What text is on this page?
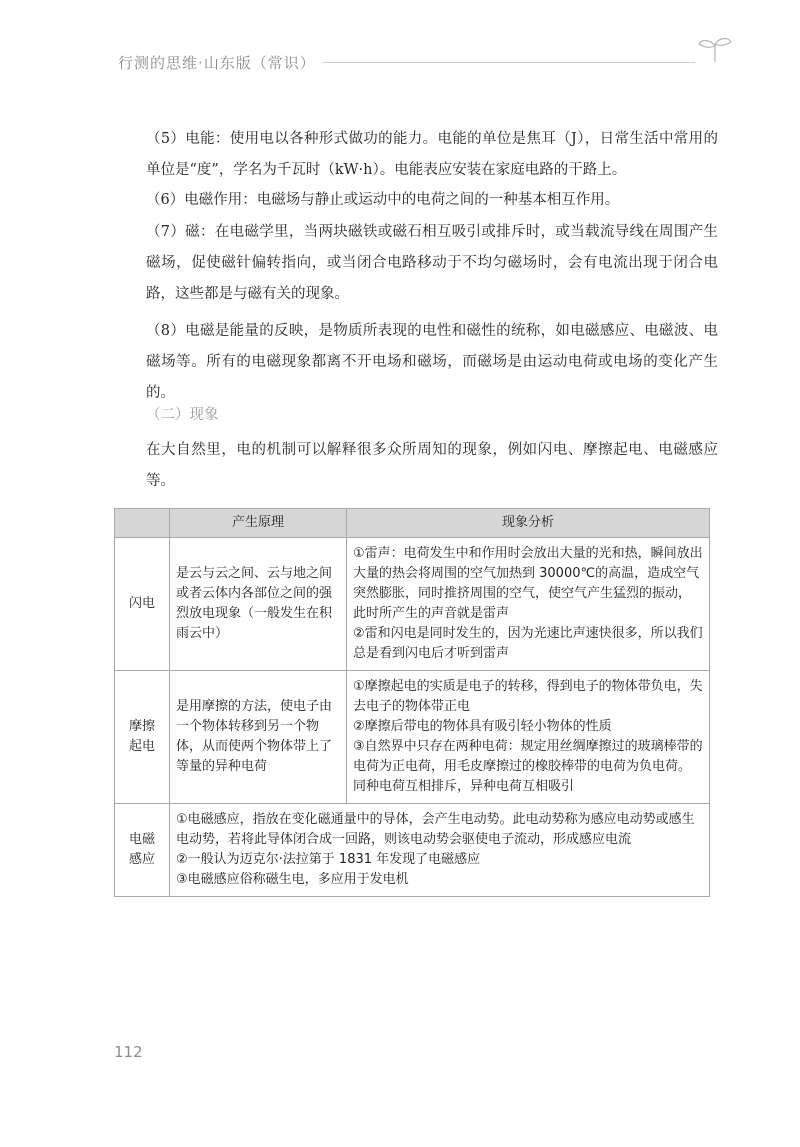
行测的思维·山东版（常识）

（5）电能：使用电以各种形式做功的能力。电能的单位是焦耳（J），日常生活中常用的单位是“度”，学名为千瓦时（kW·h）。电能表应安装在家庭电路的干路上。

（6）电磁作用：电磁场与静止或运动中的电荷之间的一种基本相互作用。

（7）磁：在电磁学里，当两块磁铁或磁石相互吸引或排斥时，或当载流导线在周围产生磁场，促使磁针偏转指向，或当闭合电路移动于不均匀磁场时，会有电流出现于闭合电路，这些都是与磁有关的现象。

（8）电磁是能量的反映，是物质所表现的电性和磁性的统称，如电磁感应、电磁波、电磁场等。所有的电磁现象都离不开电场和磁场，而磁场是由运动电荷或电场的变化产生的。

（二）现象

在大自然里，电的机制可以解释很多众所周知的现象，例如闪电、摩擦起电、电磁感应等。

	产生原理	现象分析
闪电	是云与云之间、云与地之间或者云体内各部位之间的强烈放电现象（一般发生在积雨云中）	①雷声：电荷发生中和作用时会放出大量的光和热，瞬间放出大量的热会将周围的空气加热到 30000℃的高温，造成空气突然膨胀，同时推挤周围的空气，使空气产生猛烈的振动，此时所产生的声音就是雷声
②雷和闪电是同时发生的，因为光速比声速快很多，所以我们总是看到闪电后才听到雷声

摩擦起电	是用摩擦的方法，使电子由一个物体转移到另一个物体，从而使两个物体带上了等量的异种电荷	①摩擦起电的实质是电子的转移，得到电子的物体带负电，失去电子的物体带正电
②摩擦后带电的物体具有吸引轻小物体的性质
③自然界中只存在两种电荷：规定用丝绸摩擦过的玻璃棒带的电荷为正电荷，用毛皮摩擦过的橡胶棒带的电荷为负电荷。同种电荷互相排斥，异种电荷互相吸引

电磁感应	①电磁感应，指放在变化磁通量中的导体，会产生电动势。此电动势称为感应电动势或感生电动势，若将此导体闭合成一回路，则该电动势会驱使电子流动，形成感应电流
②一般认为迈克尔·法拉第于 1831 年发现了电磁感应
③电磁感应俗称磁生电，多应用于发电机	
112
